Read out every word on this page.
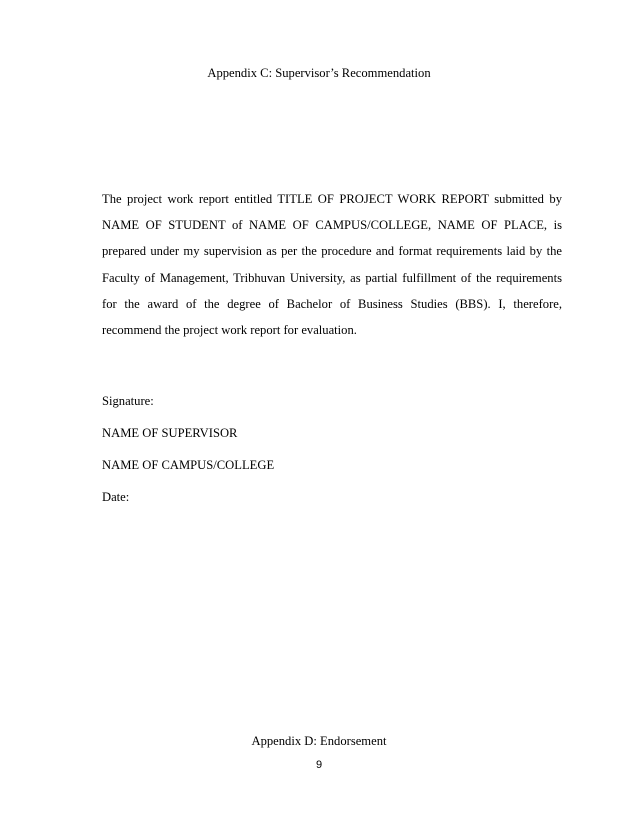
Appendix C: Supervisor’s Recommendation

The project work report entitled TITLE OF PROJECT WORK REPORT submitted by NAME OF STUDENT of NAME OF CAMPUS/COLLEGE, NAME OF PLACE, is prepared under my supervision as per the procedure and format requirements laid by the Faculty of Management, Tribhuvan University, as partial fulfillment of the requirements for the award of the degree of Bachelor of Business Studies (BBS). I, therefore, recommend the project work report for evaluation.

Signature:
NAME OF SUPERVISOR
NAME OF CAMPUS/COLLEGE
Date:
Appendix D: Endorsement
9
